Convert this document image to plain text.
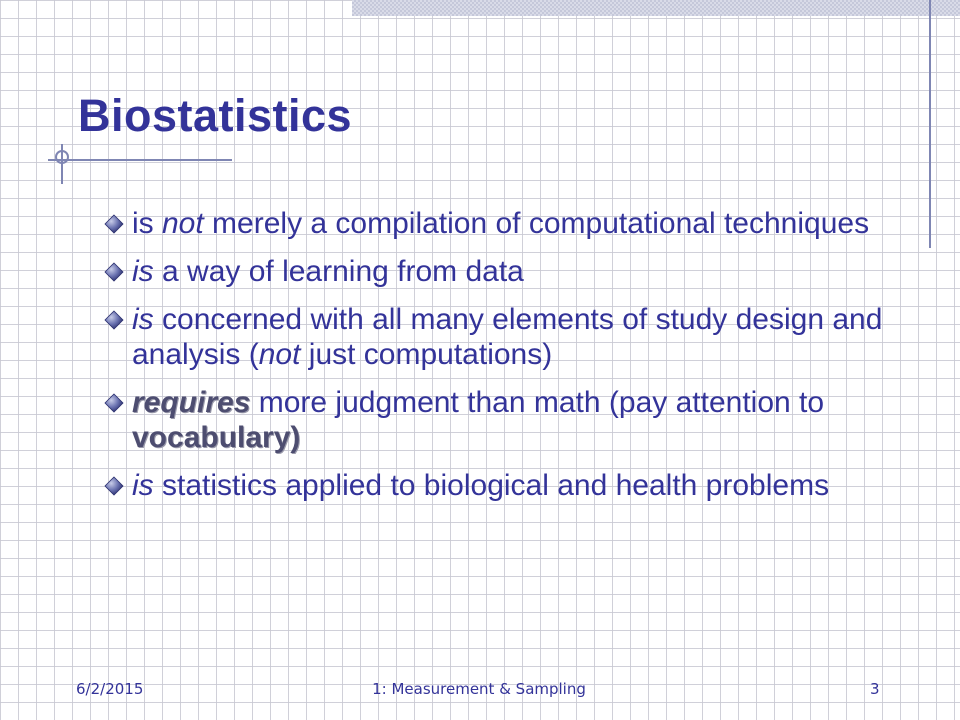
Biostatistics
is not merely a compilation of computational techniques
is a way of learning from data
is concerned with all many elements of study design and analysis (not just computations)
requires more judgment than math (pay attention to vocabulary)
is statistics applied to biological and health problems
6/2/2015	1: Measurement & Sampling	3
